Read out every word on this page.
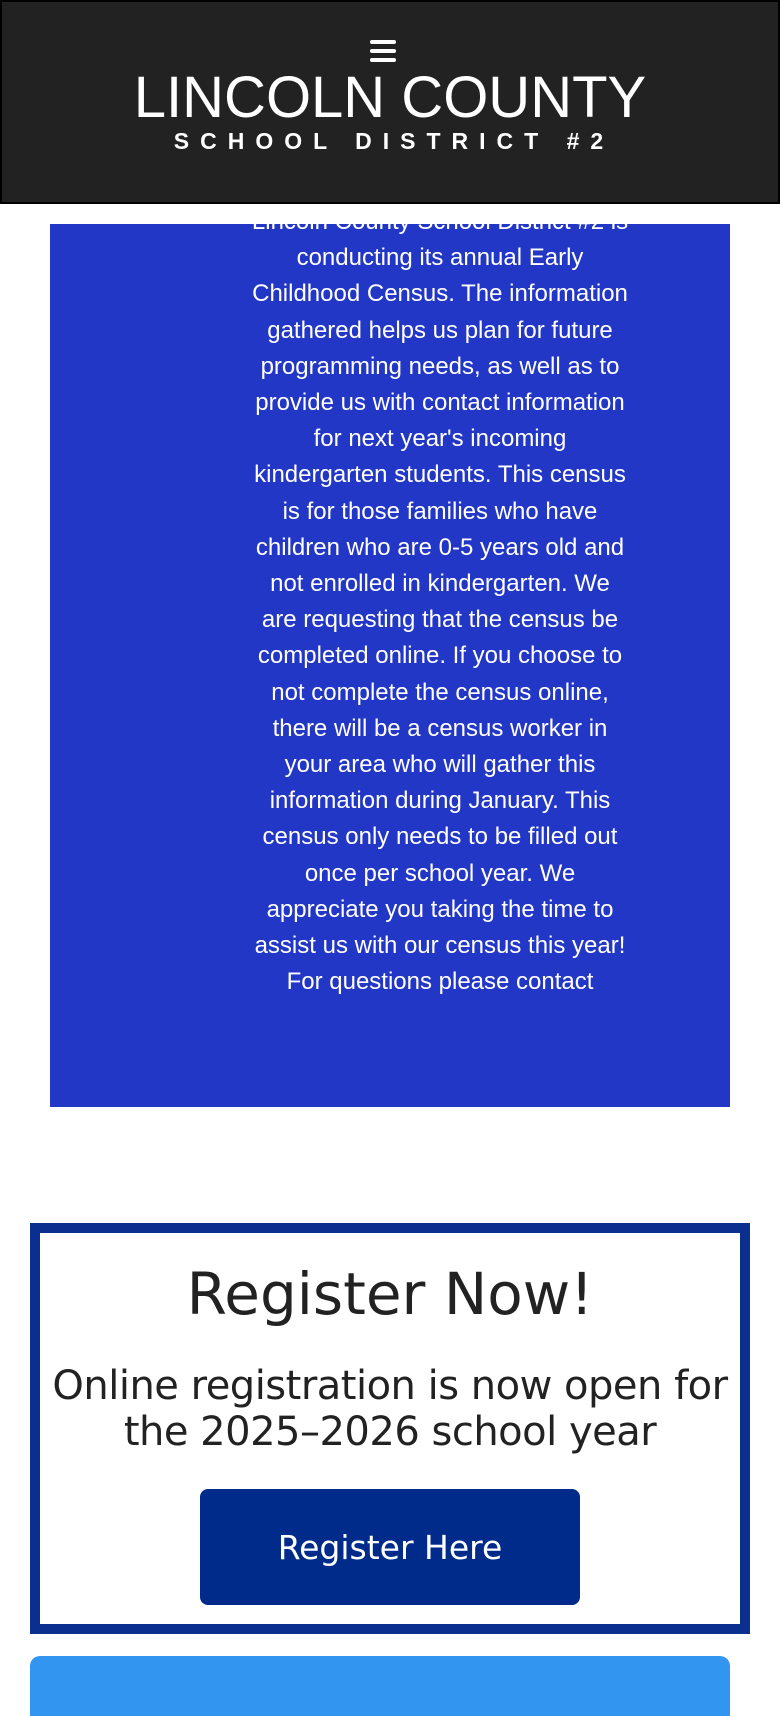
LINCOLN COUNTY
SCHOOL DISTRICT #2

Lincoln County School District #2 is conducting its annual Early Childhood Census. The information gathered helps us plan for future programming needs, as well as to provide us with contact information for next year's incoming kindergarten students. This census is for those families who have children who are 0-5 years old and not enrolled in kindergarten. We are requesting that the census be completed online. If you choose to not complete the census online, there will be a census worker in your area who will gather this information during January. This census only needs to be filled out once per school year. We appreciate you taking the time to assist us with our census this year! For questions please contact

Register Now!

Online registration is now open for the 2025–2026 school year

Register Here
